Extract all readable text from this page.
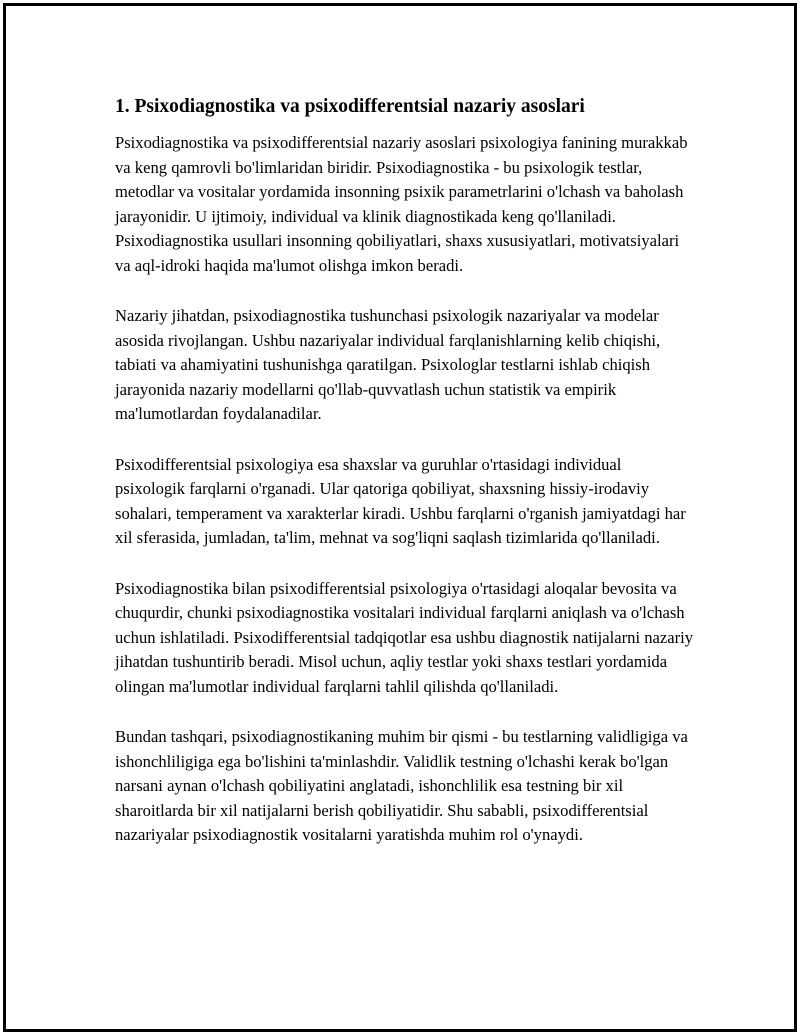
1. Psixodiagnostika va psixodifferentsial nazariy asoslari

Psixodiagnostika va psixodifferentsial nazariy asoslari psixologiya fanining murakkab va keng qamrovli bo'limlaridan biridir. Psixodiagnostika - bu psixologik testlar, metodlar va vositalar yordamida insonning psixik parametrlarini o'lchash va baholash jarayonidir. U ijtimoiy, individual va klinik diagnostikada keng qo'llaniladi. Psixodiagnostika usullari insonning qobiliyatlari, shaxs xususiyatlari, motivatsiyalari va aql-idroki haqida ma'lumot olishga imkon beradi.

Nazariy jihatdan, psixodiagnostika tushunchasi psixologik nazariyalar va modelar asosida rivojlangan. Ushbu nazariyalar individual farqlanishlarning kelib chiqishi, tabiati va ahamiyatini tushunishga qaratilgan. Psixologlar testlarni ishlab chiqish jarayonida nazariy modellarni qo'llab-quvvatlash uchun statistik va empirik ma'lumotlardan foydalanadilar.

Psixodifferentsial psixologiya esa shaxslar va guruhlar o'rtasidagi individual psixologik farqlarni o'rganadi. Ular qatoriga qobiliyat, shaxsning hissiy-irodaviy sohalari, temperament va xarakterlar kiradi. Ushbu farqlarni o'rganish jamiyatdagi har xil sferasida, jumladan, ta'lim, mehnat va sog'liqni saqlash tizimlarida qo'llaniladi.

Psixodiagnostika bilan psixodifferentsial psixologiya o'rtasidagi aloqalar bevosita va chuqurdir, chunki psixodiagnostika vositalari individual farqlarni aniqlash va o'lchash uchun ishlatiladi. Psixodifferentsial tadqiqotlar esa ushbu diagnostik natijalarni nazariy jihatdan tushuntirib beradi. Misol uchun, aqliy testlar yoki shaxs testlari yordamida olingan ma'lumotlar individual farqlarni tahlil qilishda qo'llaniladi.

Bundan tashqari, psixodiagnostikaning muhim bir qismi - bu testlarning validligiga va ishonchliligiga ega bo'lishini ta'minlashdir. Validlik testning o'lchashi kerak bo'lgan narsani aynan o'lchash qobiliyatini anglatadi, ishonchlilik esa testning bir xil sharoitlarda bir xil natijalarni berish qobiliyatidir. Shu sababli, psixodifferentsial nazariyalar psixodiagnostik vositalarni yaratishda muhim rol o'ynaydi.
